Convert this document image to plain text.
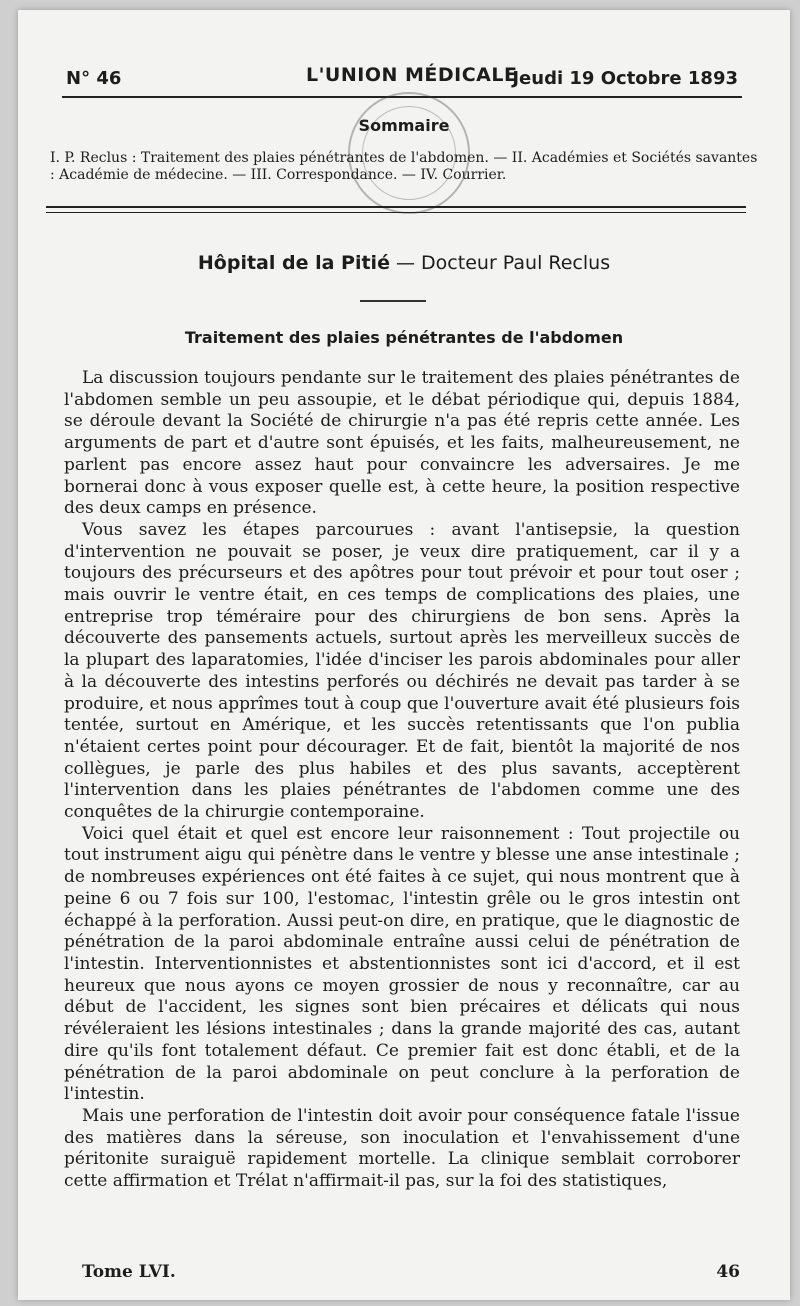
N° 46	L'UNION MÉDICALE
Jeudi 19 Octobre 1893
Sommaire
I. P. Reclus : Traitement des plaies pénétrantes de l'abdomen. — II. Académies et Sociétés savantes : Académie de médecine. — III. Correspondance. — IV. Courrier.
Hôpital de la Pitié — Docteur Paul Reclus
Traitement des plaies pénétrantes de l'abdomen

La discussion toujours pendante sur le traitement des plaies pénétrantes de l'abdomen semble un peu assoupie, et le débat périodique qui, depuis 1884, se déroule devant la Société de chirurgie n'a pas été repris cette année. Les arguments de part et d'autre sont épuisés, et les faits, malheureusement, ne parlent pas encore assez haut pour convaincre les adversaires. Je me bornerai donc à vous exposer quelle est, à cette heure, la position respective des deux camps en présence.

Vous savez les étapes parcourues : avant l'antisepsie, la question d'intervention ne pouvait se poser, je veux dire pratiquement, car il y a toujours des précurseurs et des apôtres pour tout prévoir et pour tout oser ; mais ouvrir le ventre était, en ces temps de complications des plaies, une entreprise trop téméraire pour des chirurgiens de bon sens. Après la découverte des pansements actuels, surtout après les merveilleux succès de la plupart des laparatomies, l'idée d'inciser les parois abdominales pour aller à la découverte des intestins perforés ou déchirés ne devait pas tarder à se produire, et nous apprîmes tout à coup que l'ouverture avait été plusieurs fois tentée, surtout en Amérique, et les succès retentissants que l'on publia n'étaient certes point pour décourager. Et de fait, bientôt la majorité de nos collègues, je parle des plus habiles et des plus savants, acceptèrent l'intervention dans les plaies pénétrantes de l'abdomen comme une des conquêtes de la chirurgie contemporaine.

Voici quel était et quel est encore leur raisonnement : Tout projectile ou tout instrument aigu qui pénètre dans le ventre y blesse une anse intestinale ; de nombreuses expériences ont été faites à ce sujet, qui nous montrent que à peine 6 ou 7 fois sur 100, l'estomac, l'intestin grêle ou le gros intestin ont échappé à la perforation. Aussi peut-on dire, en pratique, que le diagnostic de pénétration de la paroi abdominale entraîne aussi celui de pénétration de l'intestin. Interventionnistes et abstentionnistes sont ici d'accord, et il est heureux que nous ayons ce moyen grossier de nous y reconnaître, car au début de l'accident, les signes sont bien précaires et délicats qui nous révéleraient les lésions intestinales ; dans la grande majorité des cas, autant dire qu'ils font totalement défaut. Ce premier fait est donc établi, et de la pénétration de la paroi abdominale on peut conclure à la perforation de l'intestin.

Mais une perforation de l'intestin doit avoir pour conséquence fatale l'issue des matières dans la séreuse, son inoculation et l'envahissement d'une péritonite suraiguë rapidement mortelle. La clinique semblait corroborer cette affirmation et Trélat n'affirmait-il pas, sur la foi des statistiques,

Tome LVI.	46
